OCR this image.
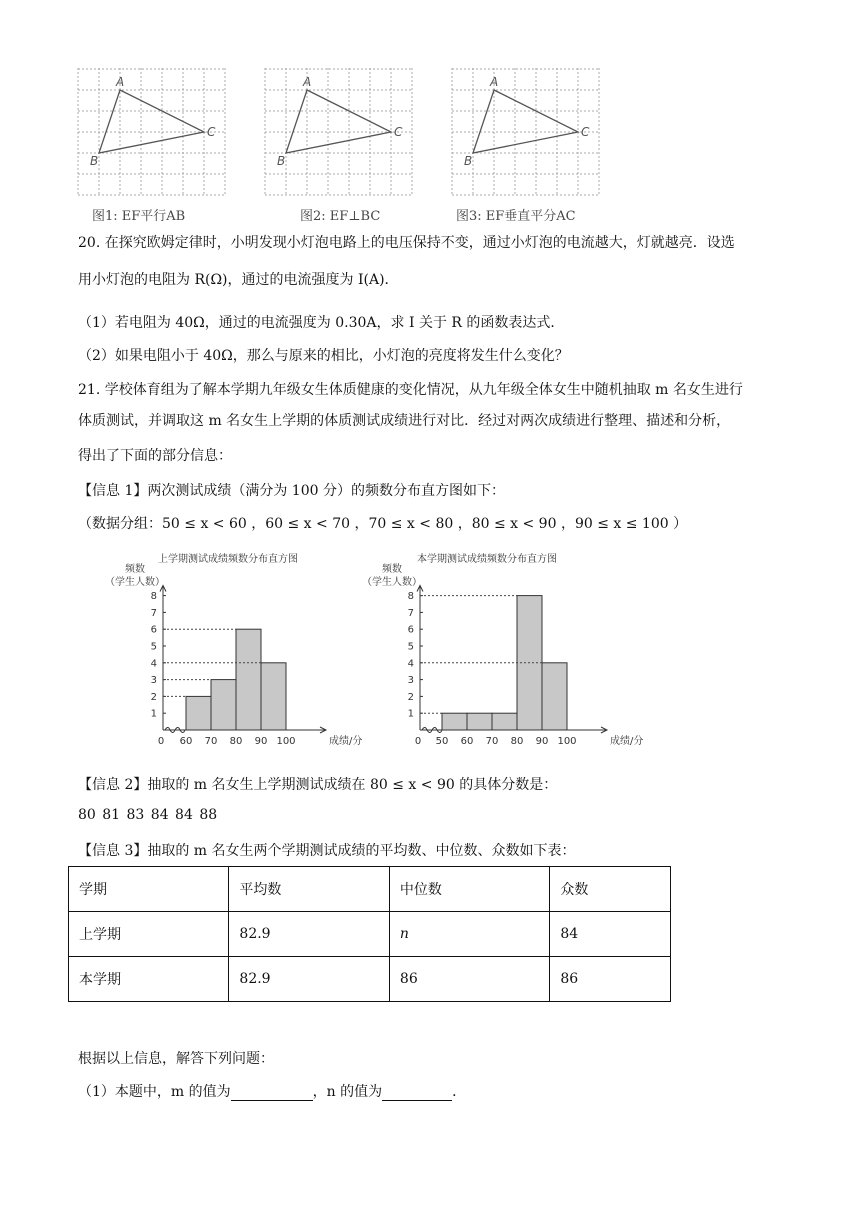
A
C
B
图1: EF平行AB
A
C
B
图2: EF⊥BC
A
C
B
图3: EF垂直平分AC
20. 在探究欧姆定律时，小明发现小灯泡电路上的电压保持不变，通过小灯泡的电流越大，灯就越亮．设选
用小灯泡的电阻为 R(Ω)，通过的电流强度为 I(A)．
（1）若电阻为 40Ω，通过的电流强度为 0.30A，求 I 关于 R 的函数表达式．
（2）如果电阻小于 40Ω，那么与原来的相比，小灯泡的亮度将发生什么变化？
21. 学校体育组为了解本学期九年级女生体质健康的变化情况，从九年级全体女生中随机抽取 m 名女生进行
体质测试，并调取这 m 名女生上学期的体质测试成绩进行对比．经过对两次成绩进行整理、描述和分析，
得出了下面的部分信息：
【信息 1】两次测试成绩（满分为 100 分）的频数分布直方图如下：
（数据分组：50 ≤ x < 60 ，60 ≤ x < 70 ，70 ≤ x < 80 ，80 ≤ x < 90 ，90 ≤ x ≤ 100 ）
上学期测试成绩频数分布直方图
频数
（学生人数）
成绩/分
1
2
3
4
5
6
7
8
0 60 70 80 90 100
本学期测试成绩频数分布直方图
频数
（学生人数）
成绩/分
1
2
3
4
5
6
7
8
0 50 60 70 80 90 100
【信息 2】抽取的 m 名女生上学期测试成绩在 80 ≤ x < 90 的具体分数是：
80 81 83 84 84 88
【信息 3】抽取的 m 名女生两个学期测试成绩的平均数、中位数、众数如下表：
学期	平均数	中位数	众数
上学期	82.9	n	84
本学期	82.9	86	86
根据以上信息，解答下列问题：
（1）本题中，m 的值为	，n 的值为	．
